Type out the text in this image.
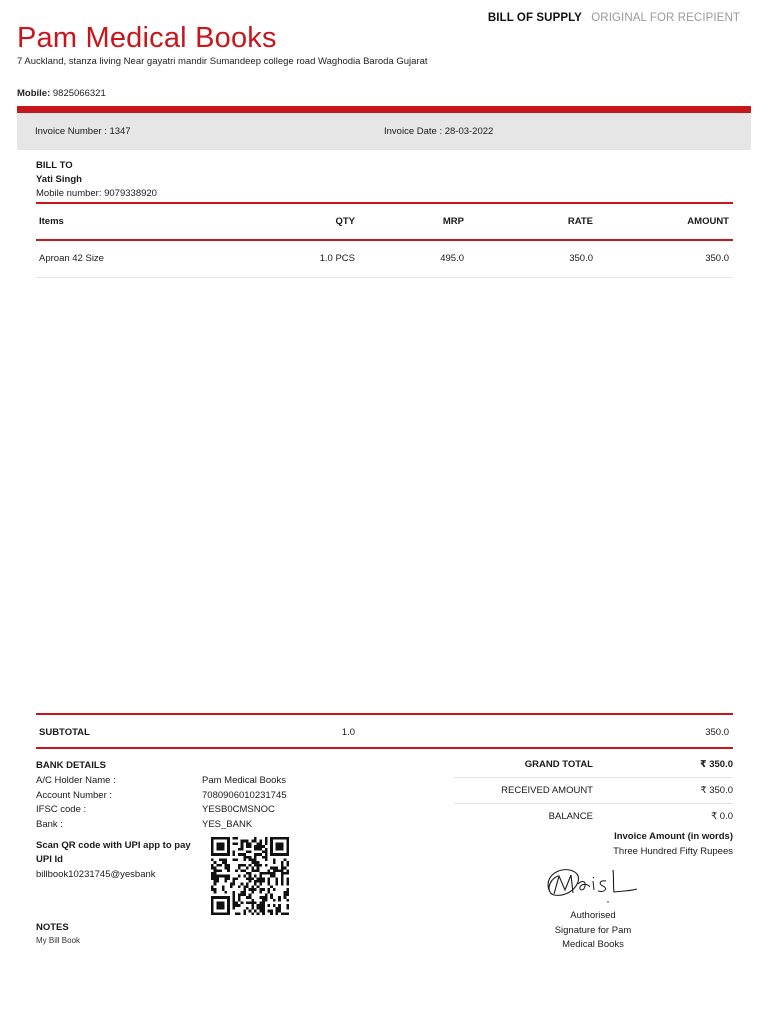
BILL OF SUPPLY ORIGINAL FOR RECIPIENT
Pam Medical Books
7 Auckland, stanza living Near gayatri mandir Sumandeep college road Waghodia Baroda Gujarat
Mobile: 9825066321
Invoice Number : 1347	Invoice Date : 28-03-2022
BILL TO
Yati Singh
Mobile number: 9079338920
Items	QTY	MRP	RATE	AMOUNT
Aproan 42 Size	1.0 PCS	495.0	350.0	350.0
SUBTOTAL	1.0	350.0
BANK DETAILS
A/C Holder Name :	Pam Medical Books
Account Number :	7080906010231745
IFSC code :	YESB0CMSNOC
Bank :	YES_BANK
Scan QR code with UPI app to pay
UPI Id
billbook10231745@yesbank
GRAND TOTAL	₹ 350.0
RECEIVED AMOUNT	₹ 350.0
BALANCE	₹ 0.0
Invoice Amount (in words)
Three Hundred Fifty Rupees
Authorised
Signature for Pam
Medical Books
NOTES
My Bill Book
